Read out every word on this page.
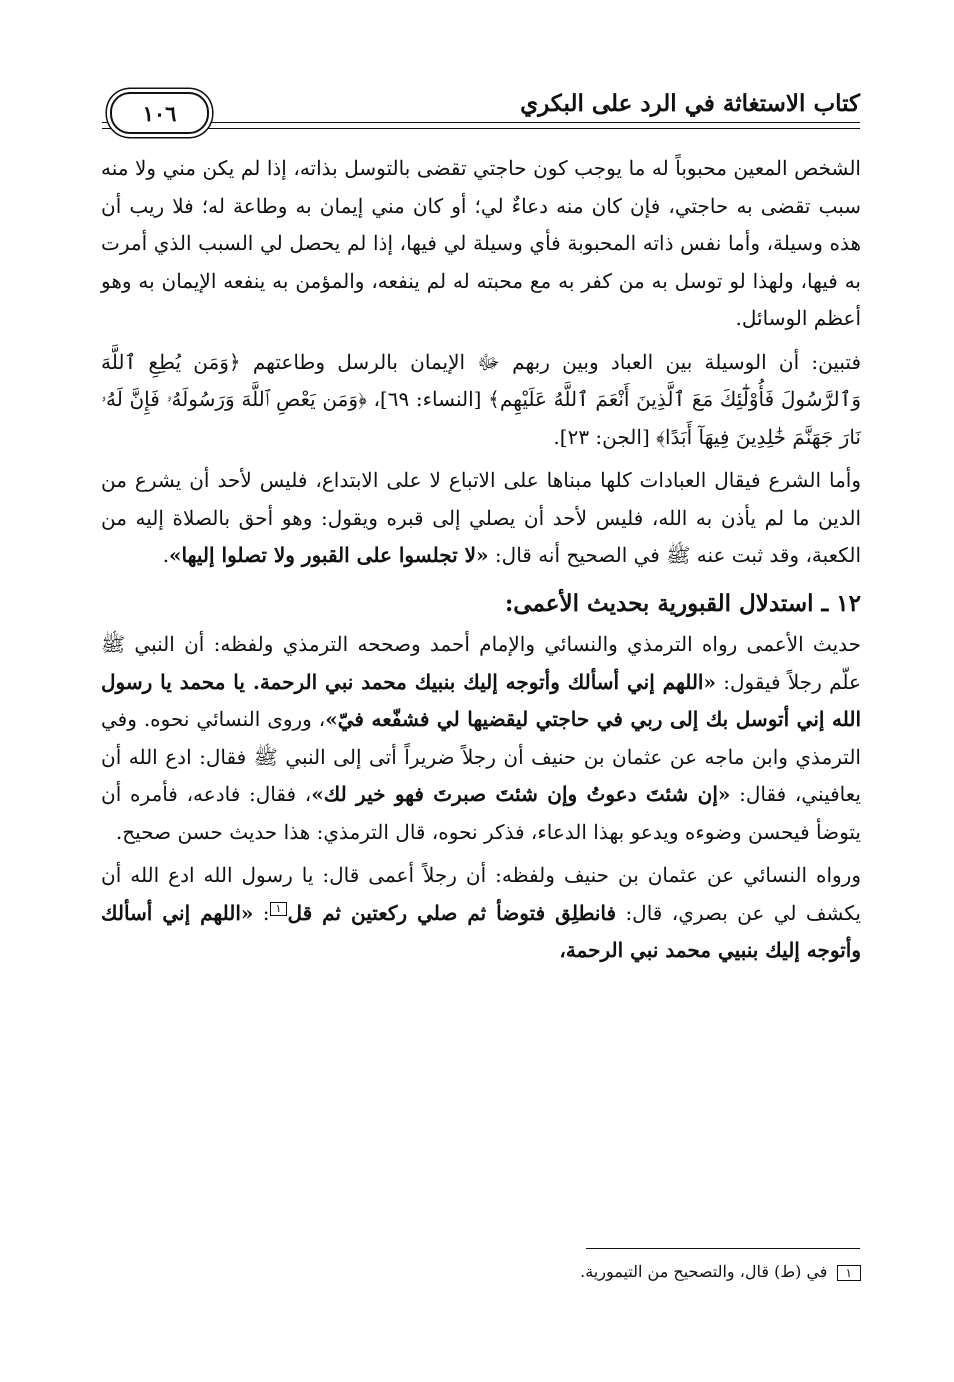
كتاب الاستغاثة في الرد على البكري
١٠٦

الشخص المعين محبوباً له ما يوجب كون حاجتي تقضى بالتوسل بذاته، إذا لم يكن مني ولا منه سبب تقضى به حاجتي، فإن كان منه دعاءٌ لي؛ أو كان مني إيمان به وطاعة له؛ فلا ريب أن هذه وسيلة، وأما نفس ذاته المحبوبة فأي وسيلة لي فيها، إذا لم يحصل لي السبب الذي أمرت به فيها، ولهذا لو توسل به من كفر به مع محبته له لم ينفعه، والمؤمن به ينفعه الإيمان به وهو أعظم الوسائل.

فتبين: أن الوسيلة بين العباد وبين ربهم ﷻ الإيمان بالرسل وطاعتهم ﴿وَمَن يُطِعِ ٱللَّهَ وَٱلرَّسُولَ فَأُوْلَٰٓئِكَ مَعَ ٱلَّذِينَ أَنْعَمَ ٱللَّهُ عَلَيْهِم﴾ [النساء: ٦٩]، ﴿وَمَن يَعْصِ ٱللَّهَ وَرَسُولَهُۥ فَإِنَّ لَهُۥ نَارَ جَهَنَّمَ خَٰلِدِينَ فِيهَآ أَبَدًا﴾ [الجن: ٢٣].

وأما الشرع فيقال العبادات كلها مبناها على الاتباع لا على الابتداع، فليس لأحد أن يشرع من الدين ما لم يأذن به الله، فليس لأحد أن يصلي إلى قبره ويقول: وهو أحق بالصلاة إليه من الكعبة، وقد ثبت عنه ﷺ في الصحيح أنه قال: «لا تجلسوا على القبور ولا تصلوا إليها».

١٢ ـ استدلال القبورية بحديث الأعمى:

حديث الأعمى رواه الترمذي والنسائي والإمام أحمد وصححه الترمذي ولفظه: أن النبي ﷺ علّم رجلاً فيقول: «اللهم إني أسألك وأتوجه إليك بنبيك محمد نبي الرحمة. يا محمد يا رسول الله إني أتوسل بك إلى ربي في حاجتي ليقضيها لي فشفّعه فيّ»، وروى النسائي نحوه. وفي الترمذي وابن ماجه عن عثمان بن حنيف أن رجلاً ضريراً أتى إلى النبي ﷺ فقال: ادع الله أن يعافيني، فقال: «إن شئتَ دعوتُ وإن شئتَ صبرتَ فهو خير لك»، فقال: فادعه، فأمره أن يتوضأ فيحسن وضوءه ويدعو بهذا الدعاء، فذكر نحوه، قال الترمذي: هذا حديث حسن صحيح.

ورواه النسائي عن عثمان بن حنيف ولفظه: أن رجلاً أعمى قال: يا رسول الله ادع الله أن يكشف لي عن بصري، قال: فانطلِق فتوضأ ثم صلي ركعتين ثم قل١: «اللهم إني أسألك وأتوجه إليك بنبيي محمد نبي الرحمة،

١ في (ط) قال، والتصحيح من التيمورية.
